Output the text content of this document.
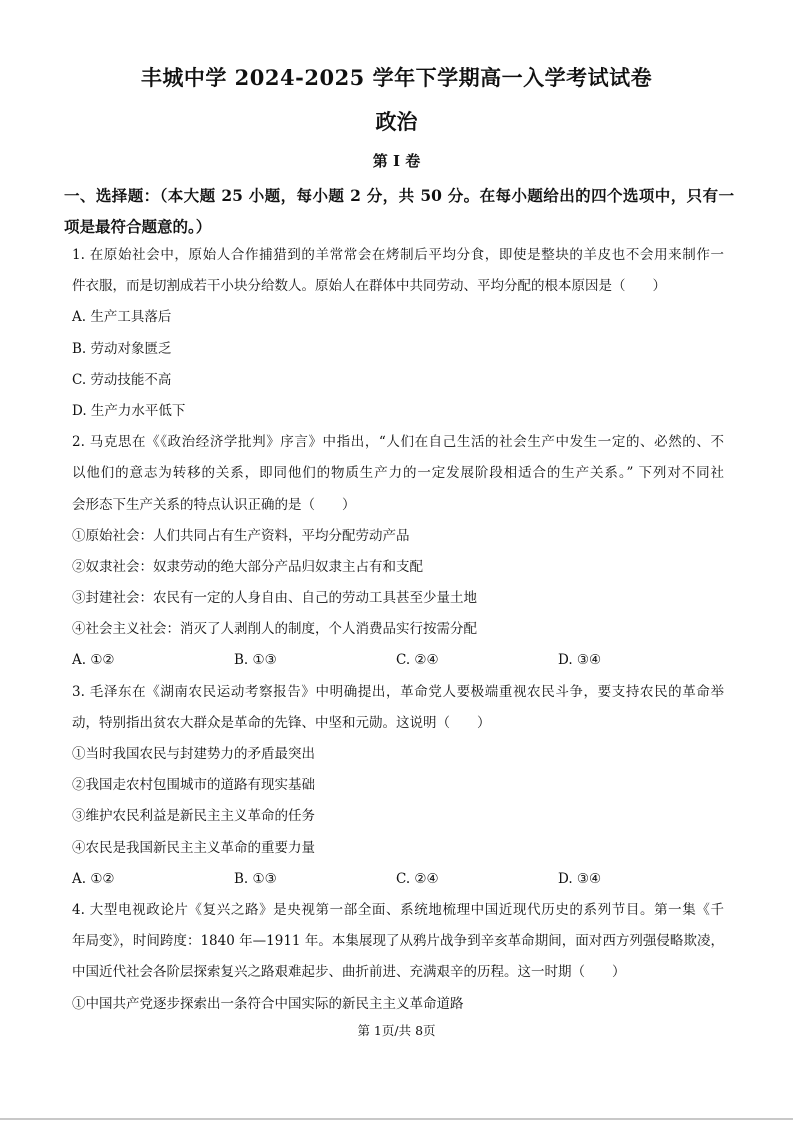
丰城中学 2024-2025 学年下学期高一入学考试试卷
政治
第 I 卷
一、选择题：（本大题 25 小题，每小题 2 分，共 50 分。在每小题给出的四个选项中，只有一
项是最符合题意的。）
1. 在原始社会中，原始人合作捕猎到的羊常常会在烤制后平均分食，即使是整块的羊皮也不会用来制作一
件衣服，而是切割成若干小块分给数人。原始人在群体中共同劳动、平均分配的根本原因是（　　）
A. 生产工具落后
B. 劳动对象匮乏
C. 劳动技能不高
D. 生产力水平低下
2. 马克思在《《政治经济学批判》序言》中指出，“人们在自己生活的社会生产中发生一定的、必然的、不
以他们的意志为转移的关系，即同他们的物质生产力的一定发展阶段相适合的生产关系。” 下列对不同社
会形态下生产关系的特点认识正确的是（　　）
①原始社会：人们共同占有生产资料，平均分配劳动产品
②奴隶社会：奴隶劳动的绝大部分产品归奴隶主占有和支配
③封建社会：农民有一定的人身自由、自己的劳动工具甚至少量土地
④社会主义社会：消灭了人剥削人的制度，个人消费品实行按需分配
A. ①②	B. ①③	C. ②④	D. ③④
3. 毛泽东在《湖南农民运动考察报告》中明确提出，革命党人要极端重视农民斗争，要支持农民的革命举
动，特别指出贫农大群众是革命的先锋、中坚和元勋。这说明（　　）
①当时我国农民与封建势力的矛盾最突出
②我国走农村包围城市的道路有现实基础
③维护农民利益是新民主主义革命的任务
④农民是我国新民主主义革命的重要力量
A. ①②	B. ①③	C. ②④	D. ③④
4. 大型电视政论片《复兴之路》是央视第一部全面、系统地梳理中国近现代历史的系列节目。第一集《千
年局变》，时间跨度：1840 年—1911 年。本集展现了从鸦片战争到辛亥革命期间，面对西方列强侵略欺凌，
中国近代社会各阶层探索复兴之路艰难起步、曲折前进、充满艰辛的历程。这一时期（　　）
①中国共产党逐步探索出一条符合中国实际的新民主主义革命道路
第 1页/共 8页
